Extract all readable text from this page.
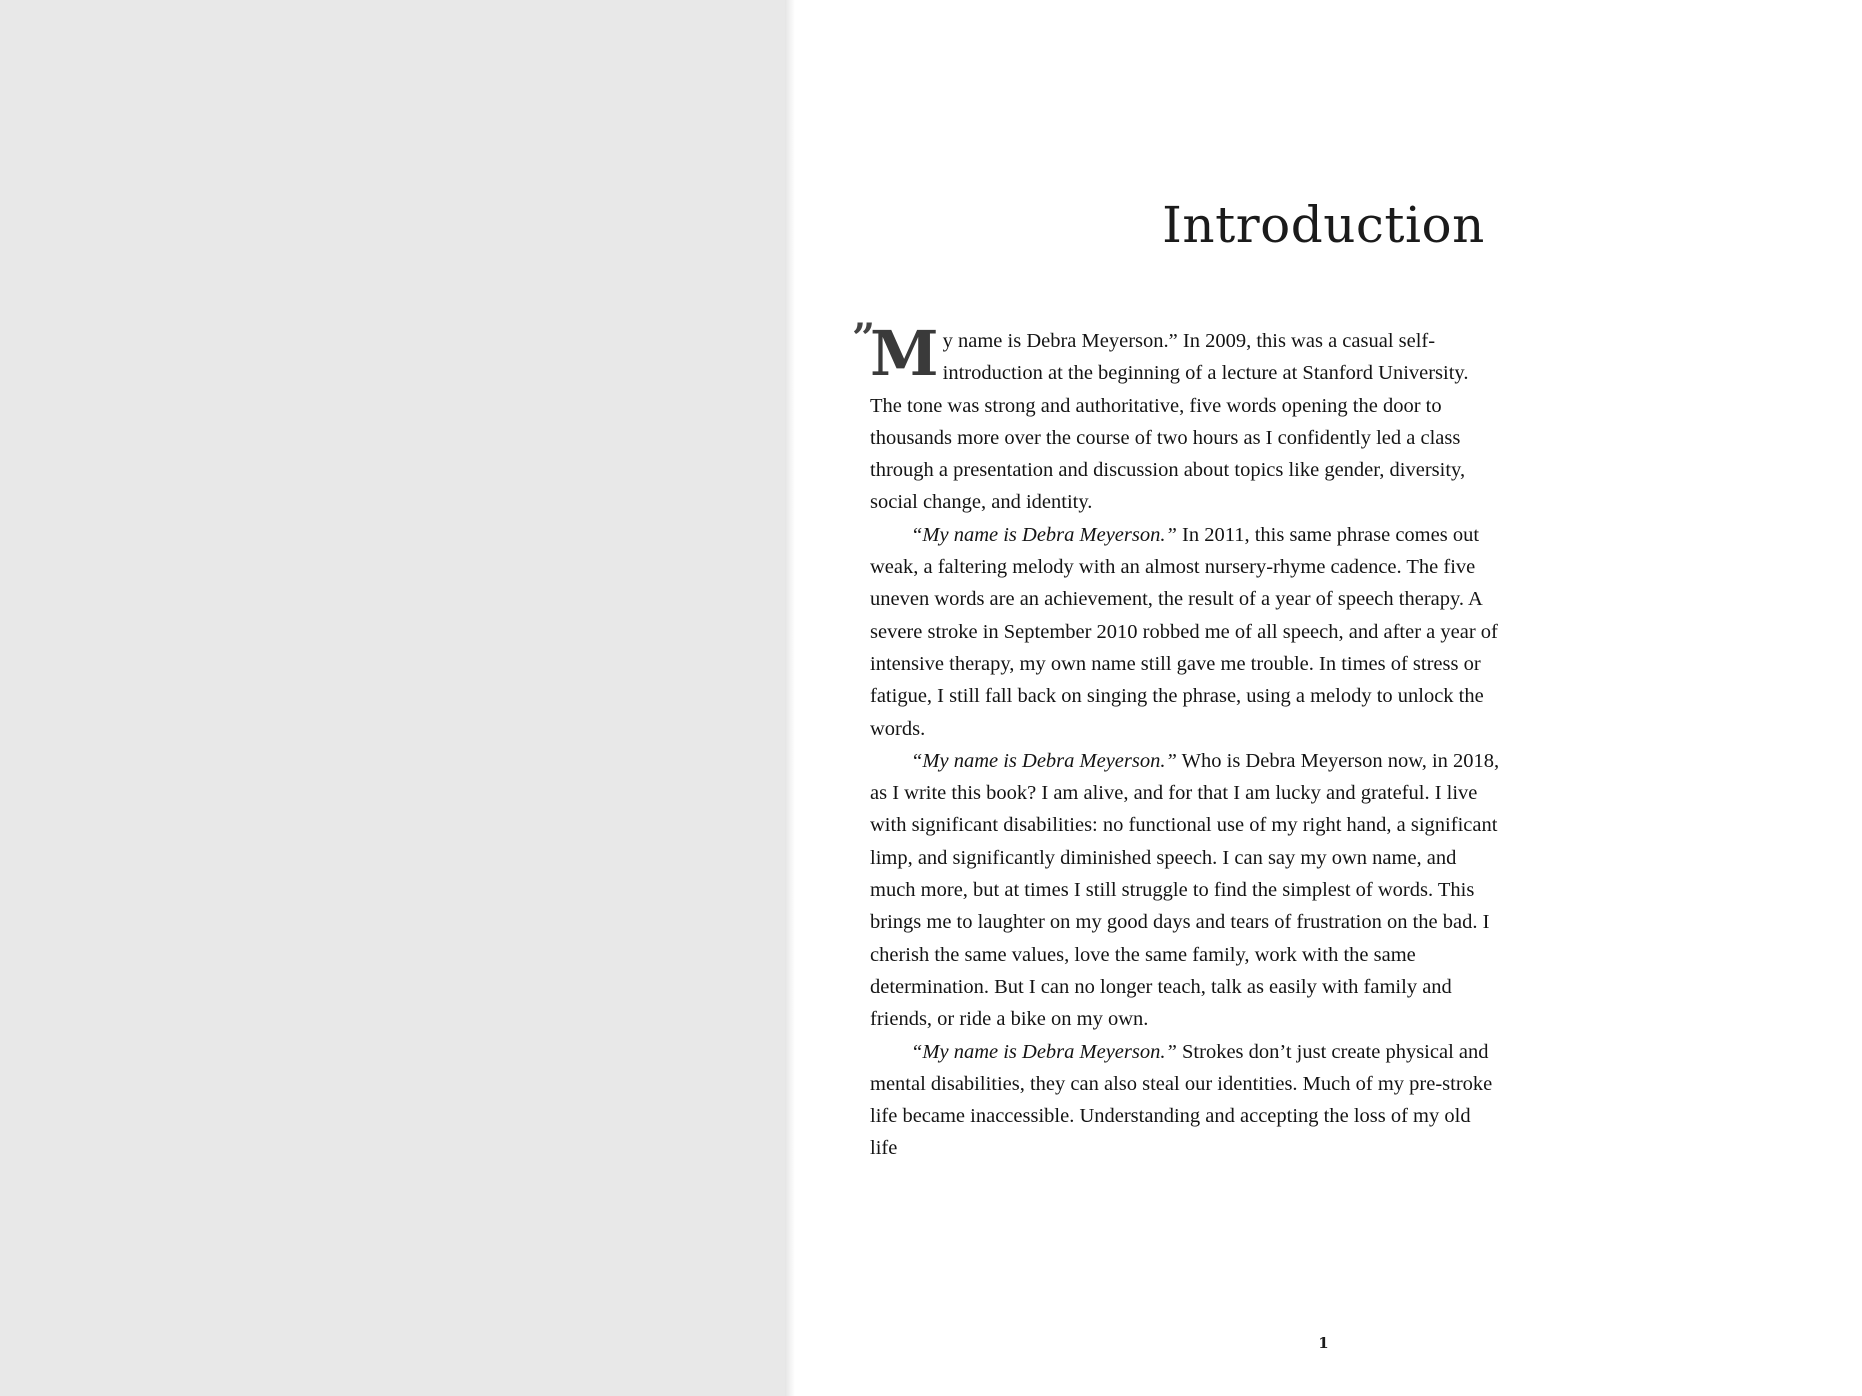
Introduction

”
M y name is Debra Meyerson.” In 2009, this was a casual self-introduction at the beginning of a lecture at Stanford University. The tone was strong and authoritative, five words opening the door to thousands more over the course of two hours as I confidently led a class through a presentation and discussion about topics like gender, diversity, social change, and identity.

“My name is Debra Meyerson.” In 2011, this same phrase comes out weak, a faltering melody with an almost nursery-rhyme cadence. The five uneven words are an achievement, the result of a year of speech therapy. A severe stroke in September 2010 robbed me of all speech, and after a year of intensive therapy, my own name still gave me trouble. In times of stress or fatigue, I still fall back on singing the phrase, using a melody to unlock the words.

“My name is Debra Meyerson.” Who is Debra Meyerson now, in 2018, as I write this book? I am alive, and for that I am lucky and grateful. I live with significant disabilities: no functional use of my right hand, a significant limp, and significantly diminished speech. I can say my own name, and much more, but at times I still struggle to find the simplest of words. This brings me to laughter on my good days and tears of frustration on the bad. I cherish the same values, love the same family, work with the same determination. But I can no longer teach, talk as easily with family and friends, or ride a bike on my own.

“My name is Debra Meyerson.” Strokes don’t just create physical and mental disabilities, they can also steal our identities. Much of my pre-stroke life became inaccessible. Understanding and accepting the loss of my old life

1
